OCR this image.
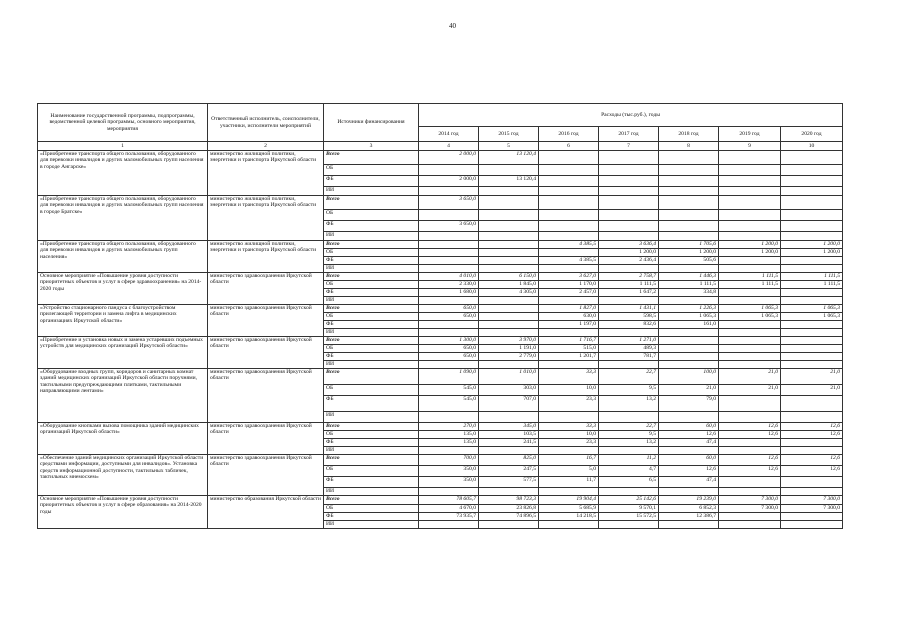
40
Наименование государственной программы, подпрограммы, ведомственной целевой программы, основного мероприятия, мероприятия	Ответственный исполнитель, соисполнители, участники, исполнители мероприятий	Источники финансирования	Расходы (тыс.руб.), годы						
			2014 год	2015 год	2016 год	2017 год	2018 год	2019 год	2020 год
1	2	3	4	5	6	7	8	9	10
«Приобретение транспорта общего пользования, оборудованного для перевозки инвалидов и других маломобильных групп населения в городе Ангарске»	министерство жилищной политики, энергетики и транспорта Иркутской области	Всего	2 000,0	13 120,4					
		ОБ							
		ФБ	2 000,0	13 120,4					
		ИИ							
«Приобретение транспорта общего пользования, оборудованного для перевозки инвалидов и других маломобильных групп населения в городе Братске»	министерство жилищной политики, энергетики и транспорта Иркутской области	Всего	3 650,0						
		ОБ							
		ФБ	3 650,0						
		ИИ							
«Приобретение транспорта общего пользования, оборудованного для перевозки инвалидов и других маломобильных групп населения»	министерство жилищной политики, энергетики и транспорта Иркутской области	Всего			4 385,5	3 636,4	1 705,6	1 200,0	1 200,0
		ОБ				1 200,0	1 200,0	1 200,0	1 200,0
		ФБ			4 385,5	2 436,4	505,6		
		ИИ							
Основное мероприятие «Повышение уровня доступности приоритетных объектов и услуг в сфере здравоохранения» на 2014-2020 годы	министерство здравоохранения Иркутской области	Всего	4 010,0	6 150,0	3 627,0	2 758,7	1 446,3	1 111,5	1 111,5
		ОБ	2 330,0	1 845,0	1 170,0	1 111,5	1 111,5	1 111,5	1 111,5
		ФБ	1 680,0	4 305,0	2 457,0	1 647,2	334,8		
		ИИ							
«Устройство стационарного пандуса с благоустройством прилегающей территории и замена лифта в медицинских организациях Иркутской области»	министерство здравоохранения Иркутской области	Всего	650,0		1 827,0	1 431,1	1 226,3	1 065,3	1 065,3
		ОБ	650,0		630,0	598,5	1 065,3	1 065,3	1 065,3
		ФБ			1 197,0	832,6	161,0		
		ИИ							
«Приобретение и установка новых и замена устаревших подъемных устройств для медицинских организаций Иркутской области»	министерство здравоохранения Иркутской области	Всего	1 300,0	3 970,0	1 716,7	1 271,0			
		ОБ	650,0	1 191,0	515,0	489,3			
		ФБ	650,0	2 779,0	1 201,7	781,7			
		ИИ							
«Оборудование входных групп, коридоров и санитарных комнат зданий медицинских организаций Иркутской области поручнями, тактильными предупреждающими плитками, тактильными направляющими лентами»	министерство здравоохранения Иркутской области	Всего	1 090,0	1 010,0	33,3	22,7	100,0	21,0	21,0
		ОБ	545,0	303,0	10,0	9,5	21,0	21,0	21,0
		ФБ	545,0	707,0	23,3	13,2	79,0		
		ИИ							
«Оборудование кнопками вызова помощника зданий медицинских организаций Иркутской области»	министерство здравоохранения Иркутской области	Всего	270,0	345,0	33,3	22,7	60,0	12,6	12,6
		ОБ	135,0	103,5	10,0	9,5	12,6	12,6	12,6
		ФБ	135,0	241,5	23,3	13,2	47,4		
		ИИ							
«Обеспечение зданий медицинских организаций Иркутской области средствами информации, доступными для инвалидов». Установка средств информационной доступности, тактильных табличек, тактильных мнемосхем»	министерство здравоохранения Иркутской области	Всего	700,0	825,0	16,7	11,2	60,0	12,6	12,6
		ОБ	350,0	247,5	5,0	4,7	12,6	12,6	12,6
		ФБ	350,0	577,5	11,7	6,5	47,4		
		ИИ							
Основное мероприятие «Повышение уровня доступности приоритетных объектов и услуг в сфере образования» на 2014-2020 годы	министерство образования Иркутской области	Всего	78 605,7	98 723,3	19 904,4	25 142,6	19 239,0	7 300,0	7 300,0
		ОБ	4 670,0	23 826,8	5 685,9	9 570,1	6 852,3	7 300,0	7 300,0
		ФБ	73 935,7	74 896,5	14 218,5	15 572,5	12 386,7		
		ИИ							
